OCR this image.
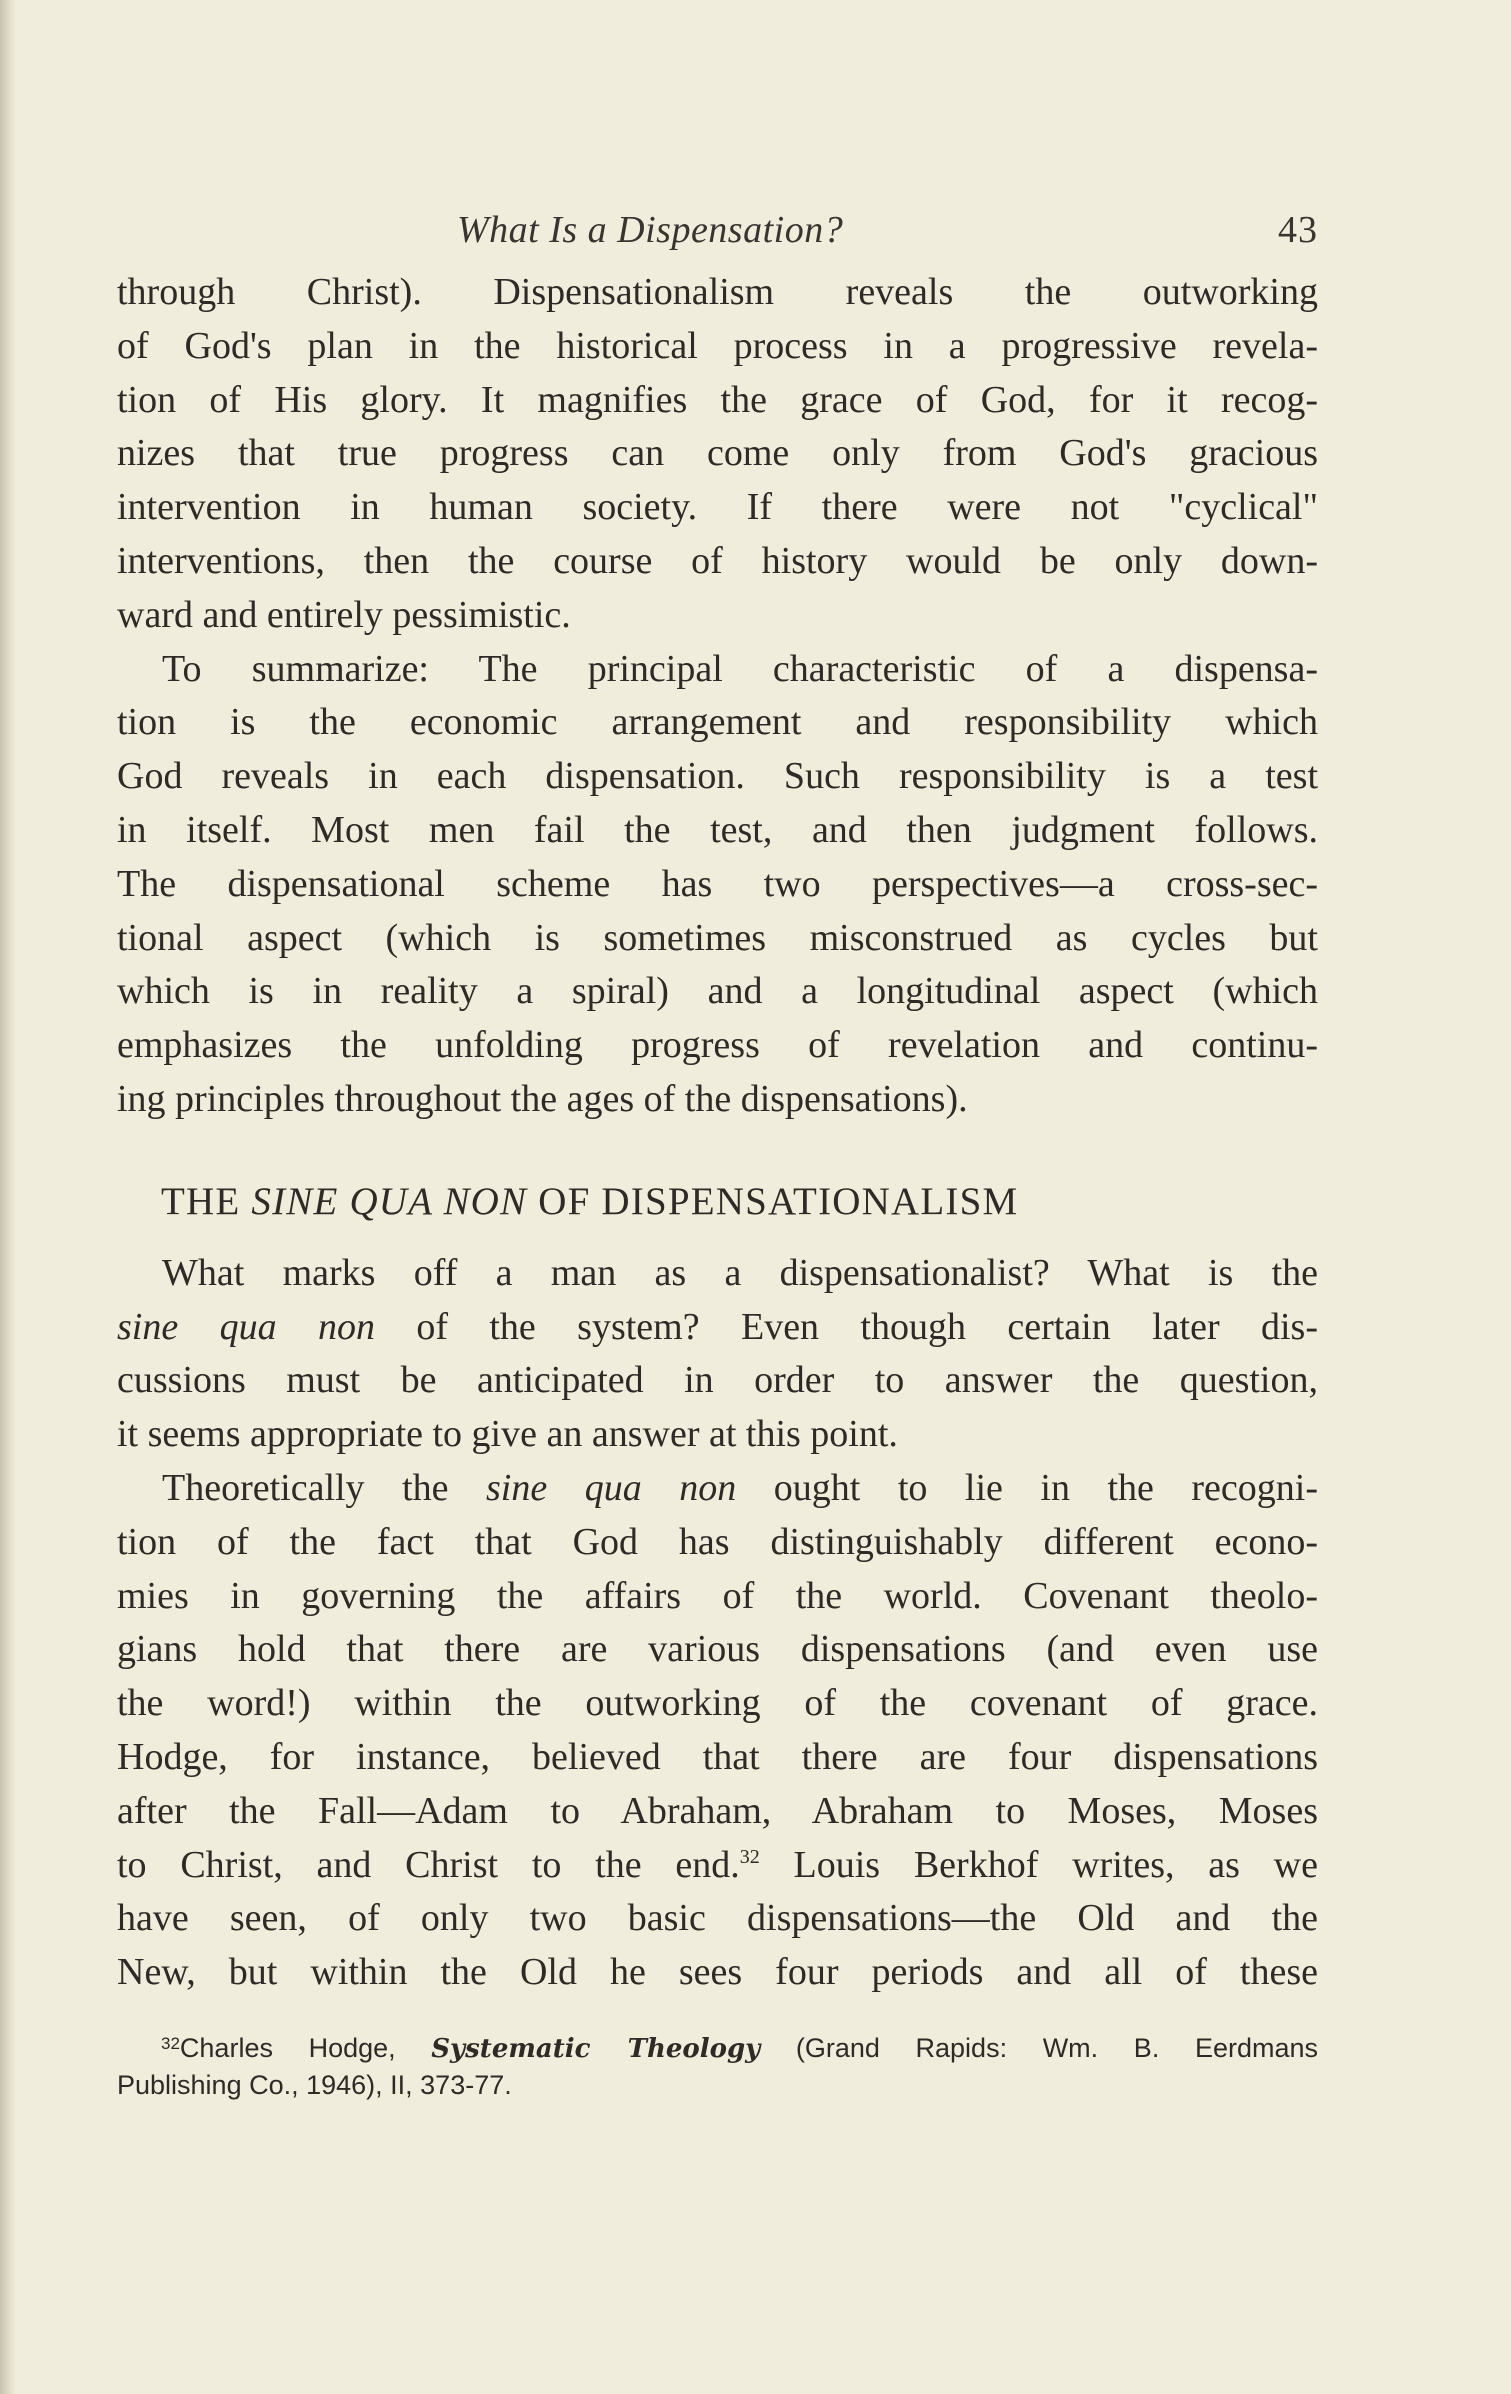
What Is a Dispensation?	43
through Christ). Dispensationalism reveals the outworking
of God's plan in the historical process in a progressive revela-
tion of His glory. It magnifies the grace of God, for it recog-
nizes that true progress can come only from God's gracious
intervention in human society. If there were not "cyclical"
interventions, then the course of history would be only down-
ward and entirely pessimistic.
To summarize: The principal characteristic of a dispensa-
tion is the economic arrangement and responsibility which
God reveals in each dispensation. Such responsibility is a test
in itself. Most men fail the test, and then judgment follows.
The dispensational scheme has two perspectives—a cross-sec-
tional aspect (which is sometimes misconstrued as cycles but
which is in reality a spiral) and a longitudinal aspect (which
emphasizes the unfolding progress of revelation and continu-
ing principles throughout the ages of the dispensations).
THE SINE QUA NON OF DISPENSATIONALISM
What marks off a man as a dispensationalist? What is the
sine qua non of the system? Even though certain later dis-
cussions must be anticipated in order to answer the question,
it seems appropriate to give an answer at this point.
Theoretically the sine qua non ought to lie in the recogni-
tion of the fact that God has distinguishably different econo-
mies in governing the affairs of the world. Covenant theolo-
gians hold that there are various dispensations (and even use
the word!) within the outworking of the covenant of grace.
Hodge, for instance, believed that there are four dispensations
after the Fall—Adam to Abraham, Abraham to Moses, Moses
to Christ, and Christ to the end.$^{32}$ Louis Berkhof writes, as we
have seen, of only two basic dispensations—the Old and the
New, but within the Old he sees four periods and all of these
$^{32}$Charles Hodge, Systematic Theology (Grand Rapids: Wm. B. Eerdmans
Publishing Co., 1946), II, 373-77.
